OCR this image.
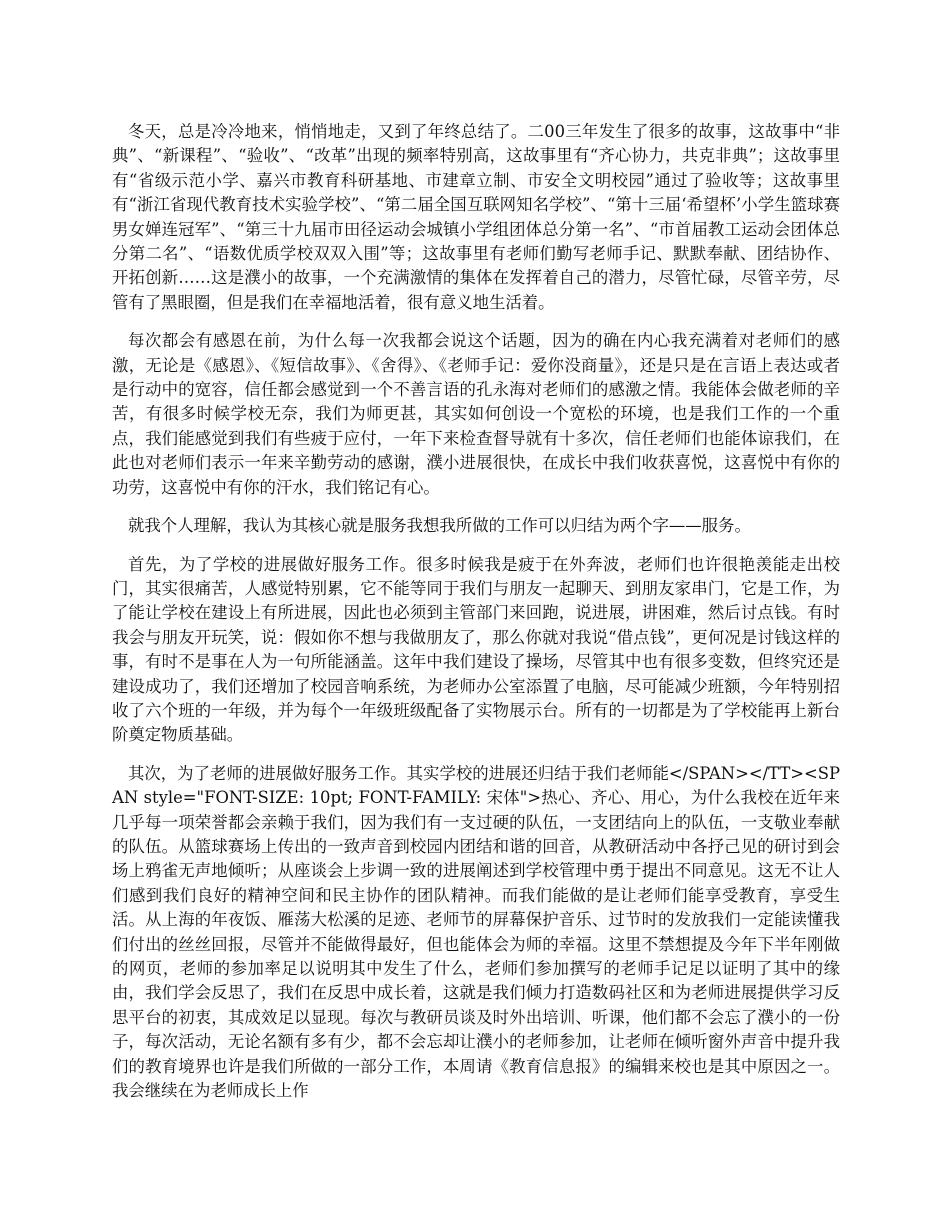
冬天，总是冷冷地来，悄悄地走，又到了年终总结了。二00三年发生了很多的故事，这故事中“非典”、“新课程”、“验收”、“改革”出现的频率特别高，这故事里有“齐心协力，共克非典”；这故事里有“省级示范小学、嘉兴市教育科研基地、市建章立制、市安全文明校园”通过了验收等；这故事里有“浙江省现代教育技术实验学校”、“第二届全国互联网知名学校”、“第十三届‘希望杯’小学生篮球赛男女婵连冠军”、“第三十九届市田径运动会城镇小学组团体总分第一名”、“市首届教工运动会团体总分第二名”、“语数优质学校双双入围”等；这故事里有老师们勤写老师手记、默默奉献、团结协作、开拓创新……这是濮小的故事，一个充满激情的集体在发挥着自己的潜力，尽管忙碌，尽管辛劳，尽管有了黑眼圈，但是我们在幸福地活着，很有意义地生活着。

每次都会有感恩在前，为什么每一次我都会说这个话题，因为的确在内心我充满着对老师们的感激，无论是《感恩》、《短信故事》、《舍得》、《老师手记：爱你没商量》，还是只是在言语上表达或者是行动中的宽容，信任都会感觉到一个不善言语的孔永海对老师们的感激之情。我能体会做老师的辛苦，有很多时候学校无奈，我们为师更甚，其实如何创设一个宽松的环境，也是我们工作的一个重点，我们能感觉到我们有些疲于应付，一年下来检查督导就有十多次，信任老师们也能体谅我们，在此也对老师们表示一年来辛勤劳动的感谢，濮小进展很快，在成长中我们收获喜悦，这喜悦中有你的功劳，这喜悦中有你的汗水，我们铭记有心。

就我个人理解，我认为其核心就是服务我想我所做的工作可以归结为两个字——服务。

首先，为了学校的进展做好服务工作。很多时候我是疲于在外奔波，老师们也许很艳羡能走出校门，其实很痛苦，人感觉特别累，它不能等同于我们与朋友一起聊天、到朋友家串门，它是工作，为了能让学校在建设上有所进展，因此也必须到主管部门来回跑，说进展，讲困难，然后讨点钱。有时我会与朋友开玩笑，说：假如你不想与我做朋友了，那么你就对我说“借点钱”，更何况是讨钱这样的事，有时不是事在人为一句所能涵盖。这年中我们建设了操场，尽管其中也有很多变数，但终究还是建设成功了，我们还增加了校园音响系统，为老师办公室添置了电脑，尽可能减少班额，今年特别招收了六个班的一年级，并为每个一年级班级配备了实物展示台。所有的一切都是为了学校能再上新台阶奠定物质基础。

其次，为了老师的进展做好服务工作。其实学校的进展还归结于我们老师能</SPAN></TT><SPAN style="FONT-SIZE: 10pt; FONT-FAMILY: 宋体">热心、齐心、用心，为什么我校在近年来几乎每一项荣誉都会亲赖于我们，因为我们有一支过硬的队伍，一支团结向上的队伍，一支敬业奉献的队伍。从篮球赛场上传出的一致声音到校园内团结和谐的回音，从教研活动中各抒己见的研讨到会场上鸦雀无声地倾听；从座谈会上步调一致的进展阐述到学校管理中勇于提出不同意见。这无不让人们感到我们良好的精神空间和民主协作的团队精神。而我们能做的是让老师们能享受教育，享受生活。从上海的年夜饭、雁荡大松溪的足迹、老师节的屏幕保护音乐、过节时的发放我们一定能读懂我们付出的丝丝回报，尽管并不能做得最好，但也能体会为师的幸福。这里不禁想提及今年下半年刚做的网页，老师的参加率足以说明其中发生了什么，老师们参加撰写的老师手记足以证明了其中的缘由，我们学会反思了，我们在反思中成长着，这就是我们倾力打造数码社区和为老师进展提供学习反思平台的初衷，其成效足以显现。每次与教研员谈及时外出培训、听课，他们都不会忘了濮小的一份子，每次活动，无论名额有多有少，都不会忘却让濮小的老师参加，让老师在倾听窗外声音中提升我们的教育境界也许是我们所做的一部分工作，本周请《教育信息报》的编辑来校也是其中原因之一。我会继续在为老师成长上作
